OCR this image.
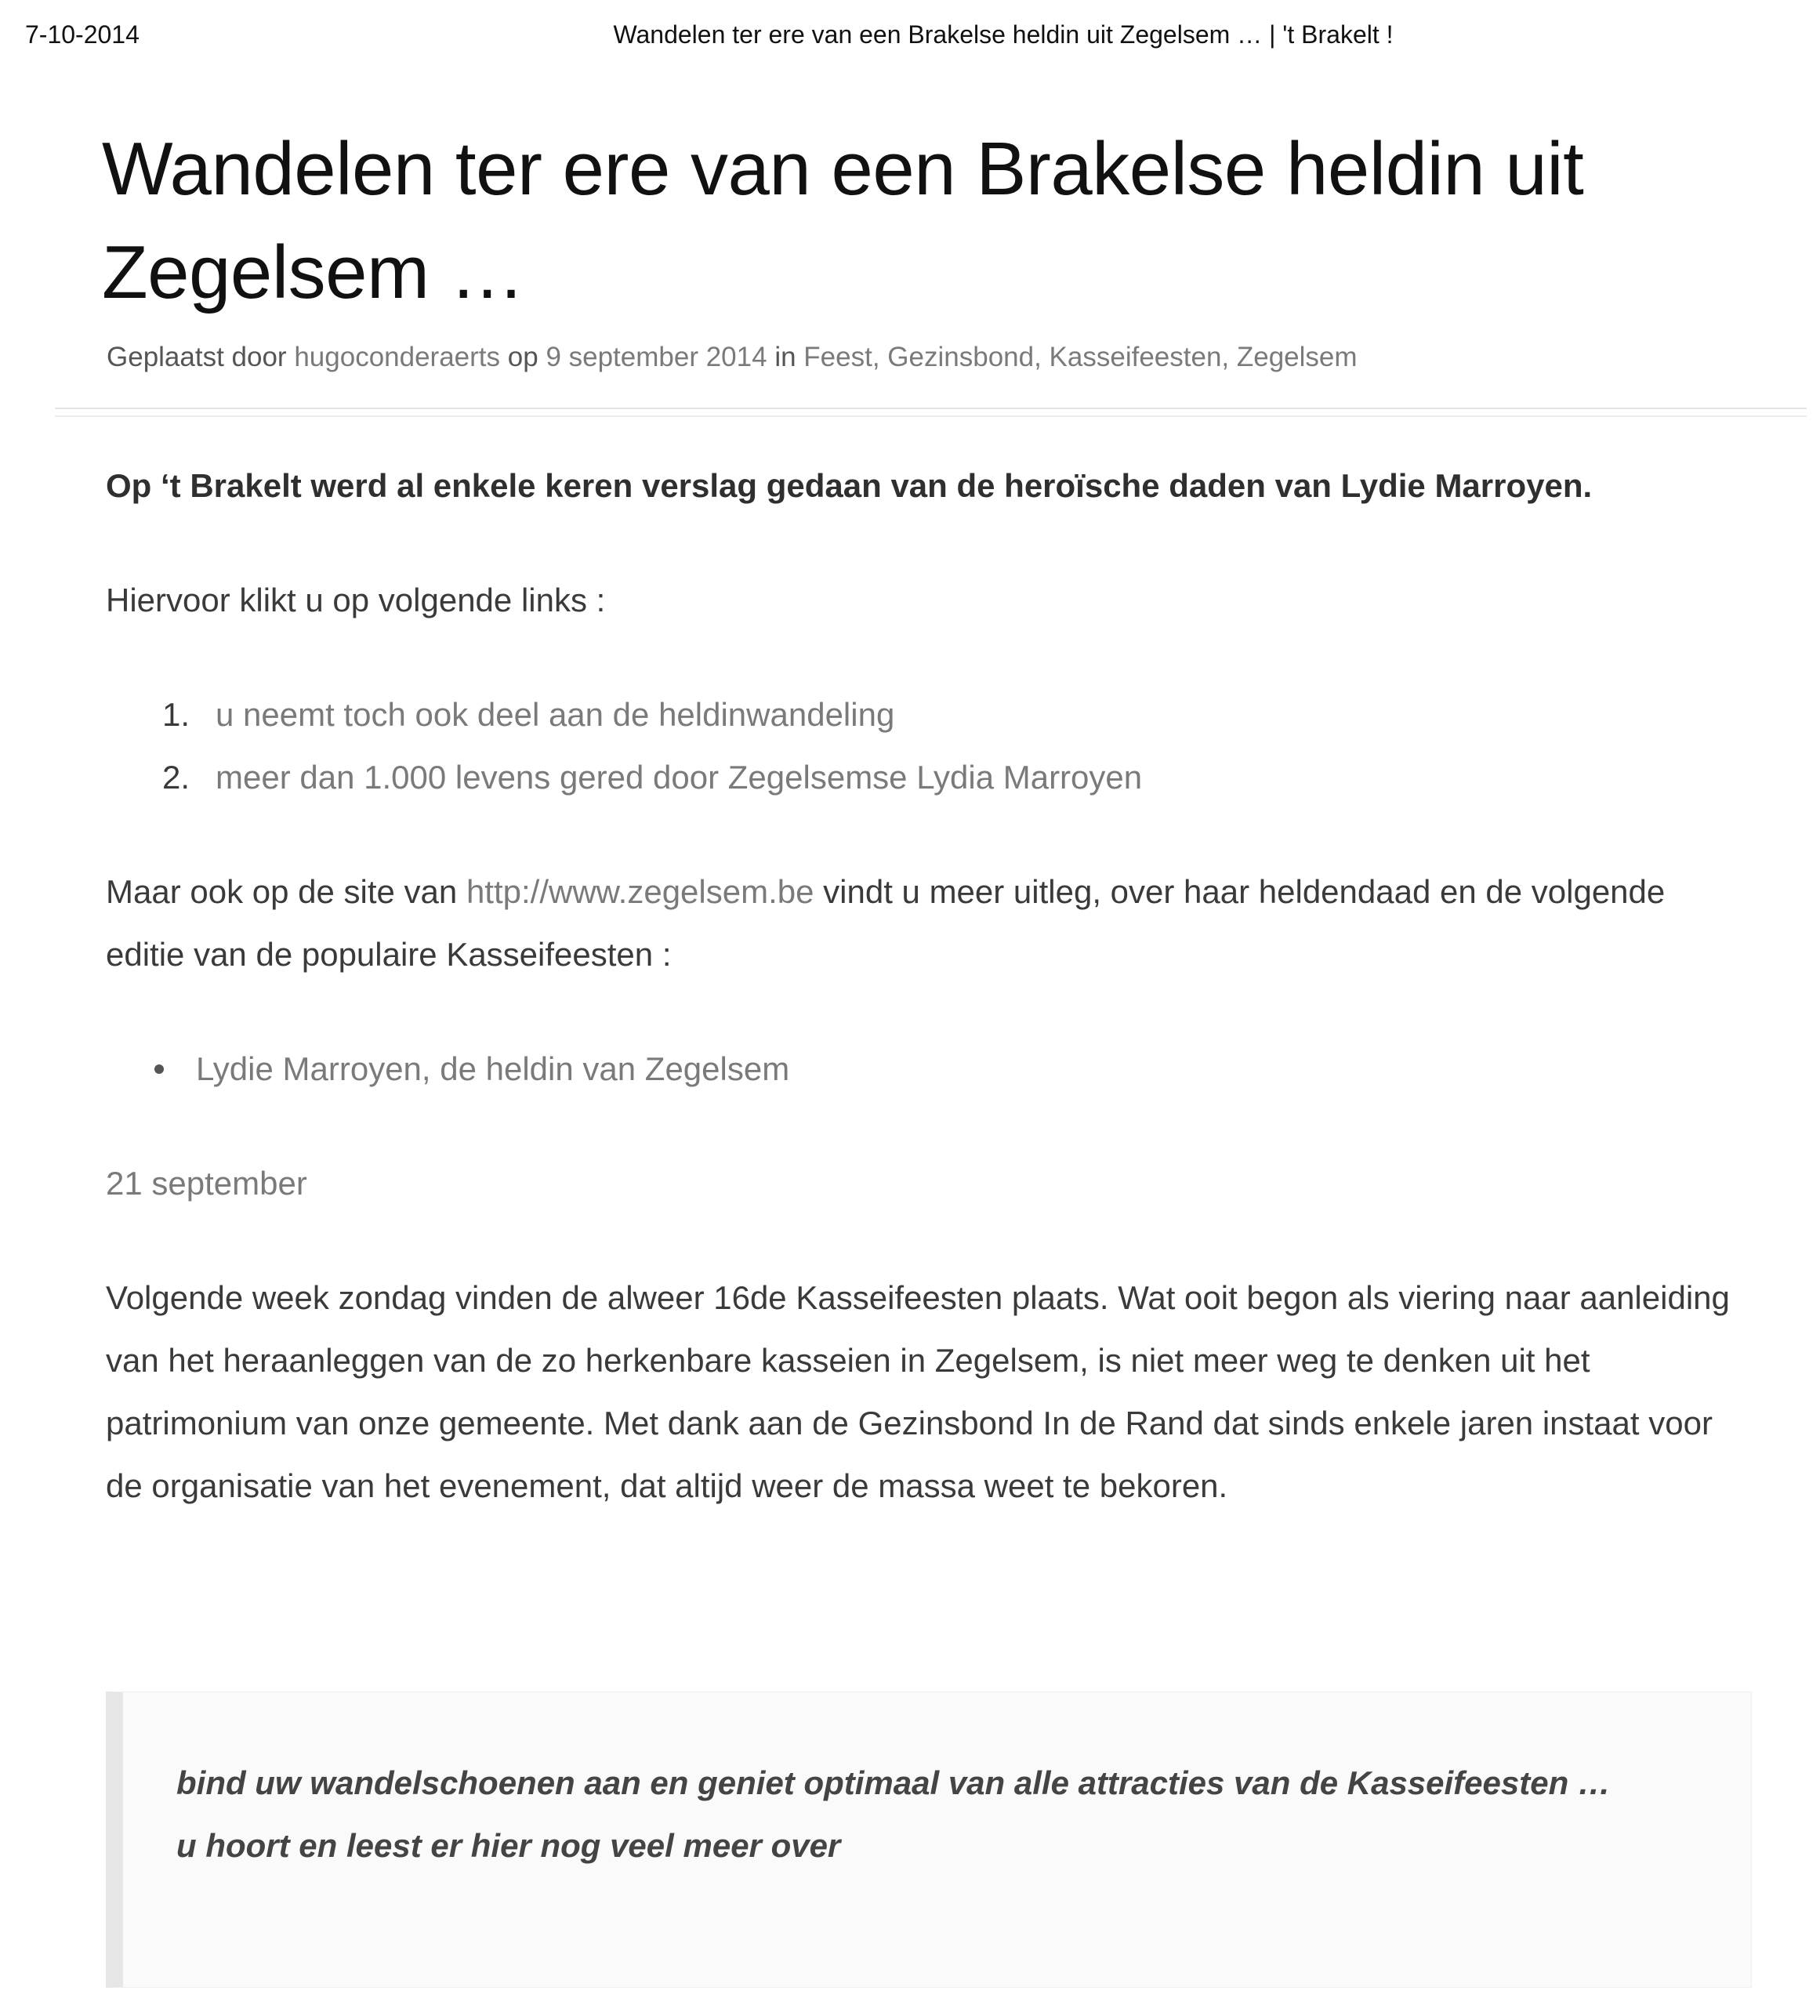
7-10-2014	Wandelen ter ere van een Brakelse heldin uit Zegelsem … | 't Brakelt !
Wandelen ter ere van een Brakelse heldin uit Zegelsem …
Geplaatst door hugoconderaerts op 9 september 2014 in Feest, Gezinsbond, Kasseifeesten, Zegelsem

Op ‘t Brakelt werd al enkele keren verslag gedaan van de heroïsche daden van Lydie Marroyen.

Hiervoor klikt u op volgende links :

1. u neemt toch ook deel aan de heldinwandeling
2. meer dan 1.000 levens gered door Zegelsemse Lydia Marroyen

Maar ook op de site van http://www.zegelsem.be vindt u meer uitleg, over haar heldendaad en de volgende editie van de populaire Kasseifeesten :

Lydie Marroyen, de heldin van Zegelsem

21 september

Volgende week zondag vinden de alweer 16de Kasseifeesten plaats. Wat ooit begon als viering naar aanleiding van het heraanleggen van de zo herkenbare kasseien in Zegelsem, is niet meer weg te denken uit het patrimonium van onze gemeente. Met dank aan de Gezinsbond In de Rand dat sinds enkele jaren instaat voor de organisatie van het evenement, dat altijd weer de massa weet te bekoren.

bind uw wandelschoenen aan en geniet optimaal van alle attracties van de Kasseifeesten …

u hoort en leest er hier nog veel meer over
